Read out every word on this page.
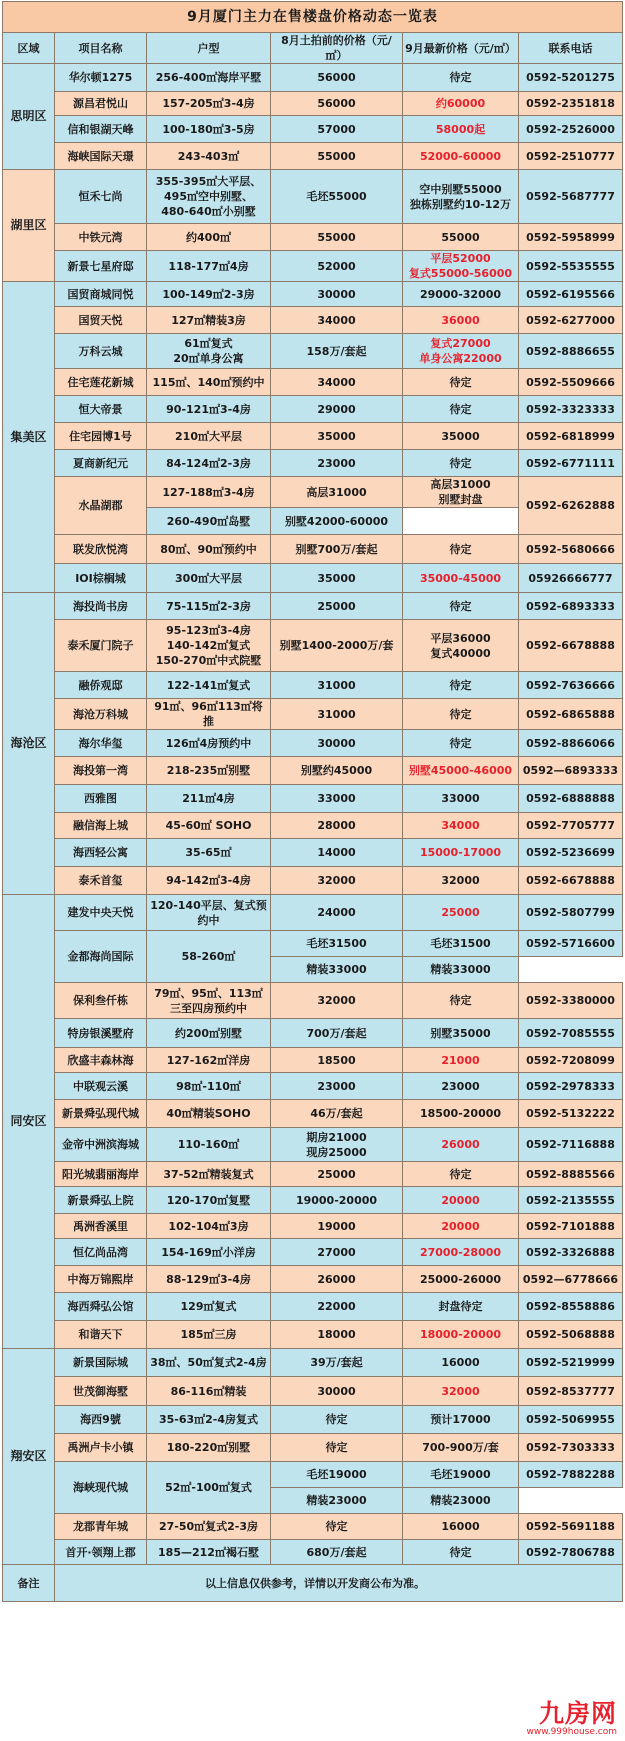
9月厦门主力在售楼盘价格动态一览表					
区域	项目名称	户型	8月土拍前的价格（元/㎡）	9月最新价格（元/㎡）	联系电话
思明区	华尔顿1275	256-400㎡海岸平墅	56000	待定	0592-5201275
	源昌君悦山	157-205㎡3-4房	56000	约60000	0592-2351818
	信和银湖天峰	100-180㎡3-5房	57000	58000起	0592-2526000
	海峡国际天璟	243-403㎡	55000	52000-60000	0592-2510777
湖里区	恒禾七尚	355-395㎡大平层、
495㎡空中别墅、
480-640㎡小别墅	毛坯55000	空中别墅55000
独栋别墅约10-12万	0592-5687777
	中铁元湾	约400㎡	55000	55000	0592-5958999
	新景七星府邸	118-177㎡4房	52000	平层52000
复式55000-56000	0592-5535555
集美区	国贸商城同悦	100-149㎡2-3房	30000	29000-32000	0592-6195566
	国贸天悦	127㎡精装3房	34000	36000	0592-6277000
	万科云城	61㎡复式
20㎡单身公寓	158万/套起	复式27000
单身公寓22000	0592-8886655
	住宅莲花新城	115㎡、140㎡预约中	34000	待定	0592-5509666
	恒大帝景	90-121㎡3-4房	29000	待定	0592-3323333
	住宅园博1号	210㎡大平层	35000	35000	0592-6818999
	夏商新纪元	84-124㎡2-3房	23000	待定	0592-6771111
	水晶湖郡	127-188㎡3-4房	高层31000	高层31000
别墅封盘	0592-6262888
		260-490㎡岛墅	别墅42000-60000		
	联发欣悦湾	80㎡、90㎡预约中	别墅700万/套起	待定	0592-5680666
	IOI棕榈城	300㎡大平层	35000	35000-45000	05926666777
海沧区	海投尚书房	75-115㎡2-3房	25000	待定	0592-6893333
	泰禾厦门院子	95-123㎡3-4房
140-142㎡复式
150-270㎡中式院墅	别墅1400-2000万/套	平层36000
复式40000	0592-6678888
	融侨观邸	122-141㎡复式	31000	待定	0592-7636666
	海沧万科城	91㎡、96㎡113㎡将推	31000	待定	0592-6865888
	海尔华玺	126㎡4房预约中	30000	待定	0592-8866066
	海投第一湾	218-235㎡别墅	别墅约45000	别墅45000-46000	0592—6893333
	西雅图	211㎡4房	33000	33000	0592-6888888
	融信海上城	45-60㎡ SOHO	28000	34000	0592-7705777
	海西轻公寓	35-65㎡	14000	15000-17000	0592-5236699
	泰禾首玺	94-142㎡3-4房	32000	32000	0592-6678888
同安区	建发中央天悦	120-140平层、复式预
约中	24000	25000	0592-5807799
	金都海尚国际	58-260㎡	毛坯31500	毛坯31500	0592-5716600
			精装33000	精装33000	
	保利叁仟栋	79㎡、95㎡、113㎡
三至四房预约中	32000	待定	0592-3380000
	特房银溪墅府	约200㎡别墅	700万/套起	别墅35000	0592-7085555
	欣盛丰森林海	127-162㎡洋房	18500	21000	0592-7208099
	中联观云溪	98㎡-110㎡	23000	23000	0592-2978333
	新景舜弘现代城	40㎡精装SOHO	46万/套起	18500-20000	0592-5132222
	金帝中洲滨海城	110-160㎡	期房21000
现房25000	26000	0592-7116888
	阳光城翡丽海岸	37-52㎡精装复式	25000	待定	0592-8885566
	新景舜弘上院	120-170㎡复墅	19000-20000	20000	0592-2135555
	禹洲香溪里	102-104㎡3房	19000	20000	0592-7101888
	恒亿尚品湾	154-169㎡小洋房	27000	27000-28000	0592-3326888
	中海万锦熙岸	88-129㎡3-4房	26000	25000-26000	0592—6778666
	海西舜弘公馆	129㎡复式	22000	封盘待定	0592-8558886
	和谐天下	185㎡三房	18000	18000-20000	0592-5068888
翔安区	新景国际城	38㎡、50㎡复式2-4房	39万/套起	16000	0592-5219999
	世茂御海墅	86-116㎡精装	30000	32000	0592-8537777
	海西9號	35-63㎡2-4房复式	待定	预计17000	0592-5069955
	禹洲卢卡小镇	180-220㎡别墅	待定	700-900万/套	0592-7303333
	海峡现代城	52㎡-100㎡复式	毛坯19000	毛坯19000	0592-7882288
			精装23000	精装23000	
	龙郡青年城	27-50㎡复式2-3房	待定	16000	0592-5691188
	首开·领翔上郡	185—212㎡褐石墅	680万/套起	待定	0592-7806788
备注	以上信息仅供参考，详情以开发商公布为准。				
九房网
www.999house.com
